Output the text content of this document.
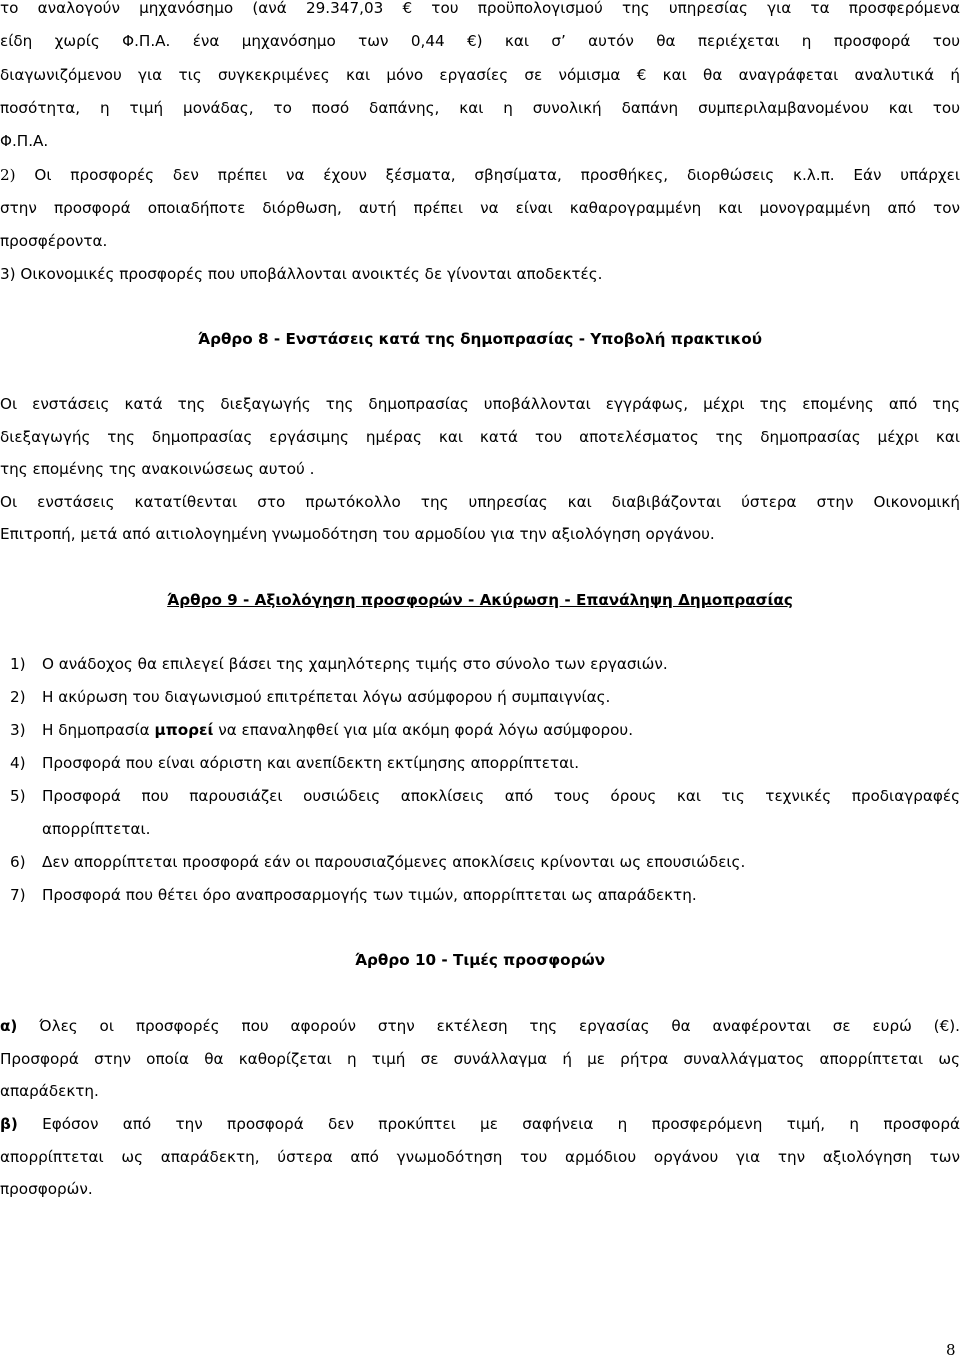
το αναλογούν μηχανόσημο (ανά 29.347,03 € του προϋπολογισμού της υπηρεσίας για τα προσφερόμενα
είδη χωρίς Φ.Π.Α. ένα μηχανόσημο των 0,44 €) και σ’ αυτόν θα περιέχεται η προσφορά του
διαγωνιζόμενου για τις συγκεκριμένες και μόνο εργασίες σε νόμισμα € και θα αναγράφεται αναλυτικά ή
ποσότητα, η τιμή μονάδας, το ποσό δαπάνης, και η συνολική δαπάνη συμπεριλαμβανομένου και του
Φ.Π.Α.
2) Οι προσφορές δεν πρέπει να έχουν ξέσματα, σβησίματα, προσθήκες, διορθώσεις κ.λ.π. Εάν υπάρχει
στην προσφορά οποιαδήποτε διόρθωση, αυτή πρέπει να είναι καθαρογραμμένη και μονογραμμένη από τον
προσφέροντα.
3) Οικονομικές προσφορές που υποβάλλονται ανοικτές δε γίνονται αποδεκτές.
Άρθρο 8 - Ενστάσεις κατά της δημοπρασίας - Υποβολή πρακτικού
Οι ενστάσεις κατά της διεξαγωγής της δημοπρασίας υποβάλλονται εγγράφως, μέχρι της επομένης από της
διεξαγωγής της δημοπρασίας εργάσιμης ημέρας και κατά του αποτελέσματος της δημοπρασίας μέχρι και
της επομένης της ανακοινώσεως αυτού .
Οι ενστάσεις κατατίθενται στο πρωτόκολλο της υπηρεσίας και διαβιβάζονται ύστερα στην Οικονομική
Επιτροπή, μετά από αιτιολογημένη γνωμοδότηση του αρμοδίου για την αξιολόγηση οργάνου.
Άρθρο 9 - Αξιολόγηση προσφορών - Ακύρωση - Επανάληψη Δημοπρασίας
1) Ο ανάδοχος θα επιλεγεί βάσει της χαμηλότερης τιμής στο σύνολο των εργασιών.
2) Η ακύρωση του διαγωνισμού επιτρέπεται λόγω ασύμφορου ή συμπαιγνίας.
3) Η δημοπρασία μπορεί να επαναληφθεί για μία ακόμη φορά λόγω ασύμφορου.
4) Προσφορά που είναι αόριστη και ανεπίδεκτη εκτίμησης απορρίπτεται.
5) Προσφορά που παρουσιάζει ουσιώδεις αποκλίσεις από τους όρους και τις τεχνικές προδιαγραφές
απορρίπτεται.
6) Δεν απορρίπτεται προσφορά εάν οι παρουσιαζόμενες αποκλίσεις κρίνονται ως επουσιώδεις.
7) Προσφορά που θέτει όρο αναπροσαρμογής των τιμών, απορρίπτεται ως απαράδεκτη.
Άρθρο 10 - Τιμές προσφορών
α) Όλες οι προσφορές που αφορούν στην εκτέλεση της εργασίας θα αναφέρονται σε ευρώ (€).
Προσφορά στην οποία θα καθορίζεται η τιμή σε συνάλλαγμα ή με ρήτρα συναλλάγματος απορρίπτεται ως
απαράδεκτη.
β) Εφόσον από την προσφορά δεν προκύπτει με σαφήνεια η προσφερόμενη τιμή, η προσφορά
απορρίπτεται ως απαράδεκτη, ύστερα από γνωμοδότηση του αρμόδιου οργάνου για την αξιολόγηση των
προσφορών.
8
